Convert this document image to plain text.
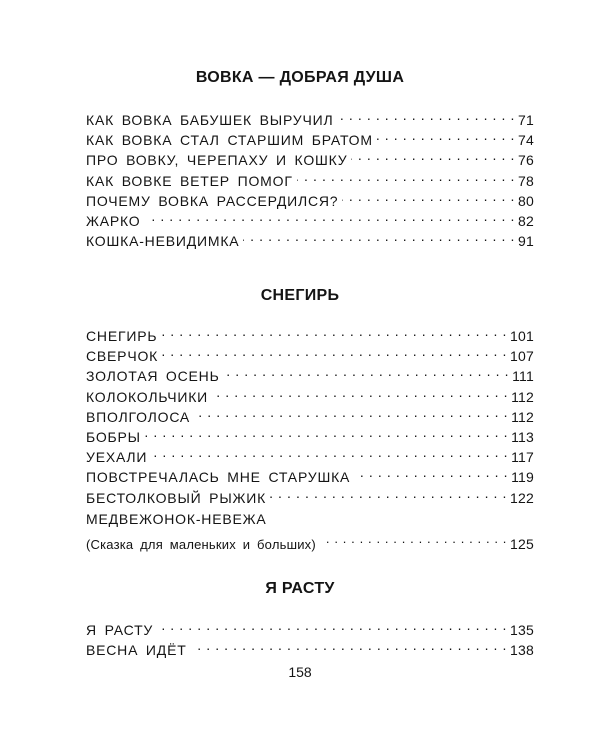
ВОВКА — ДОБРАЯ ДУША
КАК ВОВКА БАБУШЕК ВЫРУЧИЛ . . .	71
КАК ВОВКА СТАЛ СТАРШИМ БРАТОМ . . .	74
ПРО ВОВКУ, ЧЕРЕПАХУ И КОШКУ . . .	76
КАК ВОВКЕ ВЕТЕР ПОМОГ . . .	78
ПОЧЕМУ ВОВКА РАССЕРДИЛСЯ? . . .	80
ЖАРКО . . .	82
КОШКА-НЕВИДИМКА . . .	91
СНЕГИРЬ
СНЕГИРЬ . . .	101
СВЕРЧОК . . .	107
ЗОЛОТАЯ ОСЕНЬ . . .	111
КОЛОКОЛЬЧИКИ . . .	112
ВПОЛГОЛОСА . . .	112
БОБРЫ . . .	113
УЕХАЛИ . . .	117
ПОВСТРЕЧАЛАСЬ МНЕ СТАРУШКА . . .	119
БЕСТОЛКОВЫЙ РЫЖИК . . .	122
МЕДВЕЖОНОК-НЕВЕЖА
(Сказка для маленьких и больших) . . .	125
Я РАСТУ
Я РАСТУ . . .	135
ВЕСНА ИДЁТ . . .	138
158
